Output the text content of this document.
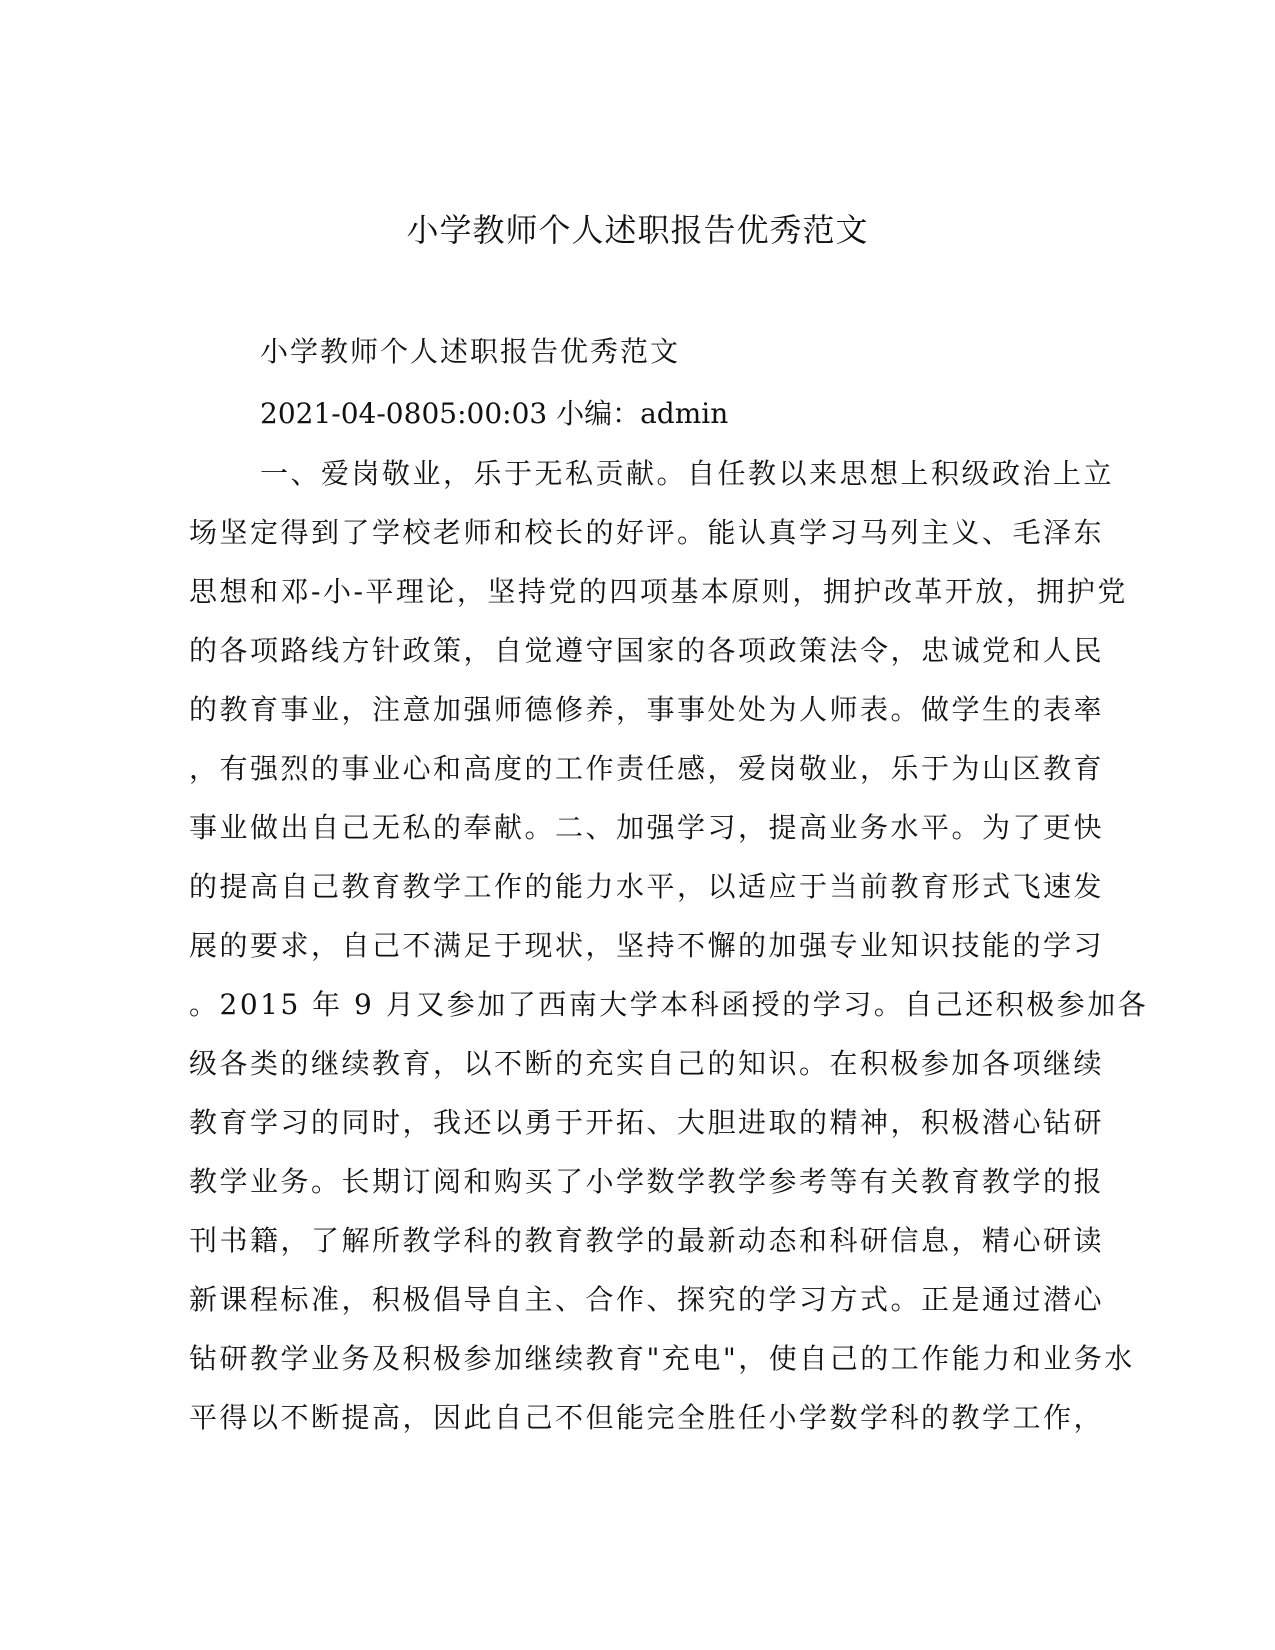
小学教师个人述职报告优秀范文
小学教师个人述职报告优秀范文
2021-04-0805:00:03 小编：admin
一、爱岗敬业，乐于无私贡献。自任教以来思想上积级政治上立
场坚定得到了学校老师和校长的好评。能认真学习马列主义、毛泽东
思想和邓-小-平理论，坚持党的四项基本原则，拥护改革开放，拥护党
的各项路线方针政策，自觉遵守国家的各项政策法令，忠诚党和人民
的教育事业，注意加强师德修养，事事处处为人师表。做学生的表率
，有强烈的事业心和高度的工作责任感，爱岗敬业，乐于为山区教育
事业做出自己无私的奉献。二、加强学习，提高业务水平。为了更快
的提高自己教育教学工作的能力水平，以适应于当前教育形式飞速发
展的要求，自己不满足于现状，坚持不懈的加强专业知识技能的学习
。2015 年 9 月又参加了西南大学本科函授的学习。自己还积极参加各
级各类的继续教育，以不断的充实自己的知识。在积极参加各项继续
教育学习的同时，我还以勇于开拓、大胆进取的精神，积极潜心钻研
教学业务。长期订阅和购买了小学数学教学参考等有关教育教学的报
刊书籍，了解所教学科的教育教学的最新动态和科研信息，精心研读
新课程标准，积极倡导自主、合作、探究的学习方式。正是通过潜心
钻研教学业务及积极参加继续教育"充电"，使自己的工作能力和业务水
平得以不断提高，因此自己不但能完全胜任小学数学科的教学工作，
